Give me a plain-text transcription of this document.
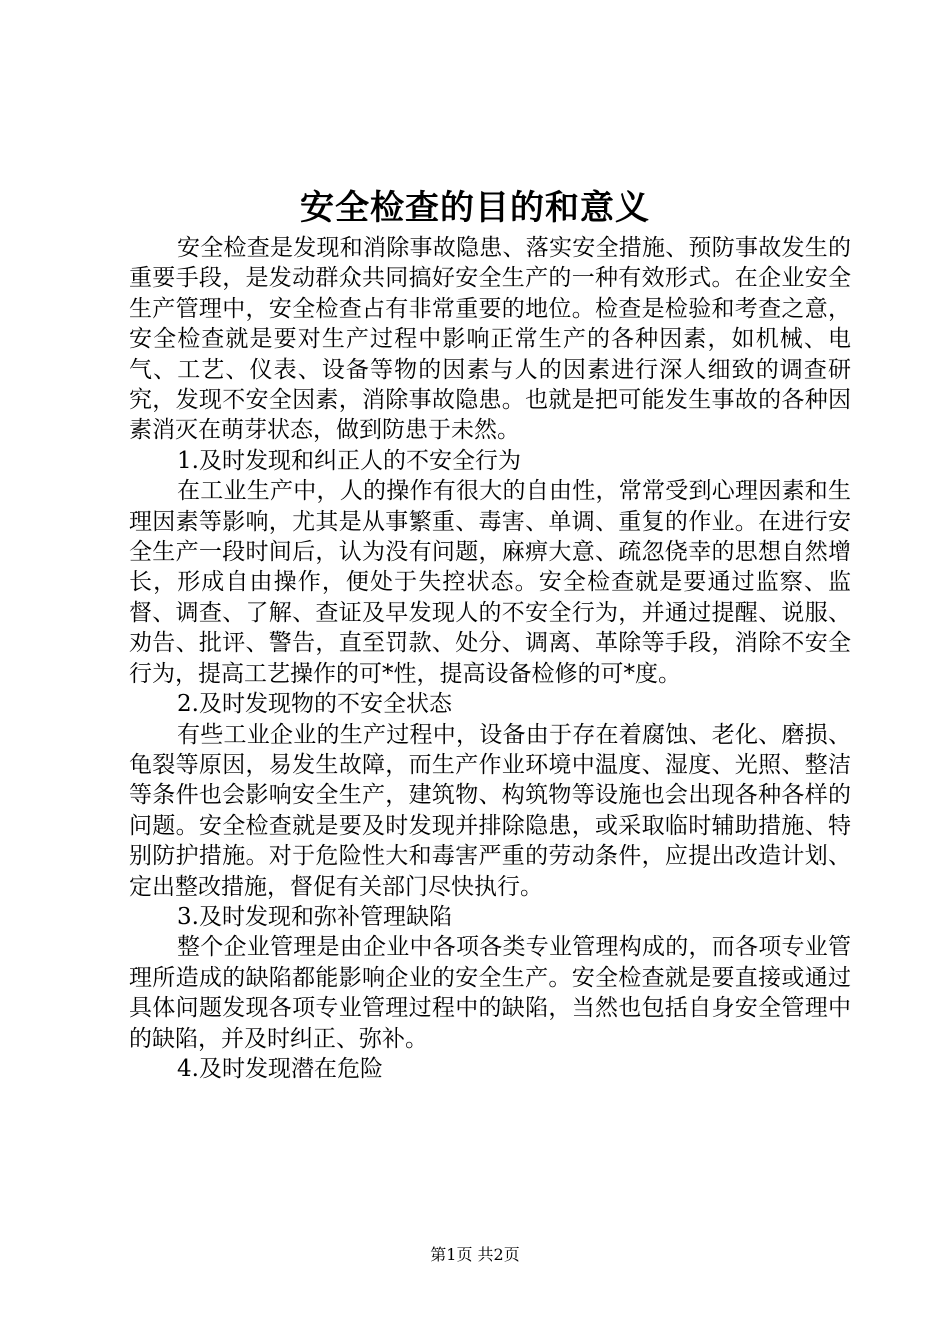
安全检查的目的和意义

安全检查是发现和消除事故隐患、落实安全措施、预防事故发生的重要手段，是发动群众共同搞好安全生产的一种有效形式。在企业安全生产管理中，安全检查占有非常重要的地位。检查是检验和考查之意，安全检查就是要对生产过程中影响正常生产的各种因素，如机械、电气、工艺、仪表、设备等物的因素与人的因素进行深人细致的调查研究，发现不安全因素，消除事故隐患。也就是把可能发生事故的各种因素消灭在萌芽状态，做到防患于未然。

1.及时发现和纠正人的不安全行为

在工业生产中，人的操作有很大的自由性，常常受到心理因素和生理因素等影响，尤其是从事繁重、毒害、单调、重复的作业。在进行安全生产一段时间后，认为没有问题，麻痹大意、疏忽侥幸的思想自然增长，形成自由操作，便处于失控状态。安全检查就是要通过监察、监督、调查、了解、查证及早发现人的不安全行为，并通过提醒、说服、劝告、批评、警告，直至罚款、处分、调离、革除等手段，消除不安全行为，提高工艺操作的可*性，提高设备检修的可*度。

2.及时发现物的不安全状态

有些工业企业的生产过程中，设备由于存在着腐蚀、老化、磨损、龟裂等原因，易发生故障，而生产作业环境中温度、湿度、光照、整洁等条件也会影响安全生产，建筑物、构筑物等设施也会出现各种各样的问题。安全检查就是要及时发现并排除隐患，或采取临时辅助措施、特别防护措施。对于危险性大和毒害严重的劳动条件，应提出改造计划、定出整改措施，督促有关部门尽快执行。

3.及时发现和弥补管理缺陷

整个企业管理是由企业中各项各类专业管理构成的，而各项专业管理所造成的缺陷都能影响企业的安全生产。安全检查就是要直接或通过具体问题发现各项专业管理过程中的缺陷，当然也包括自身安全管理中的缺陷，并及时纠正、弥补。

4.及时发现潜在危险

第1页 共2页
